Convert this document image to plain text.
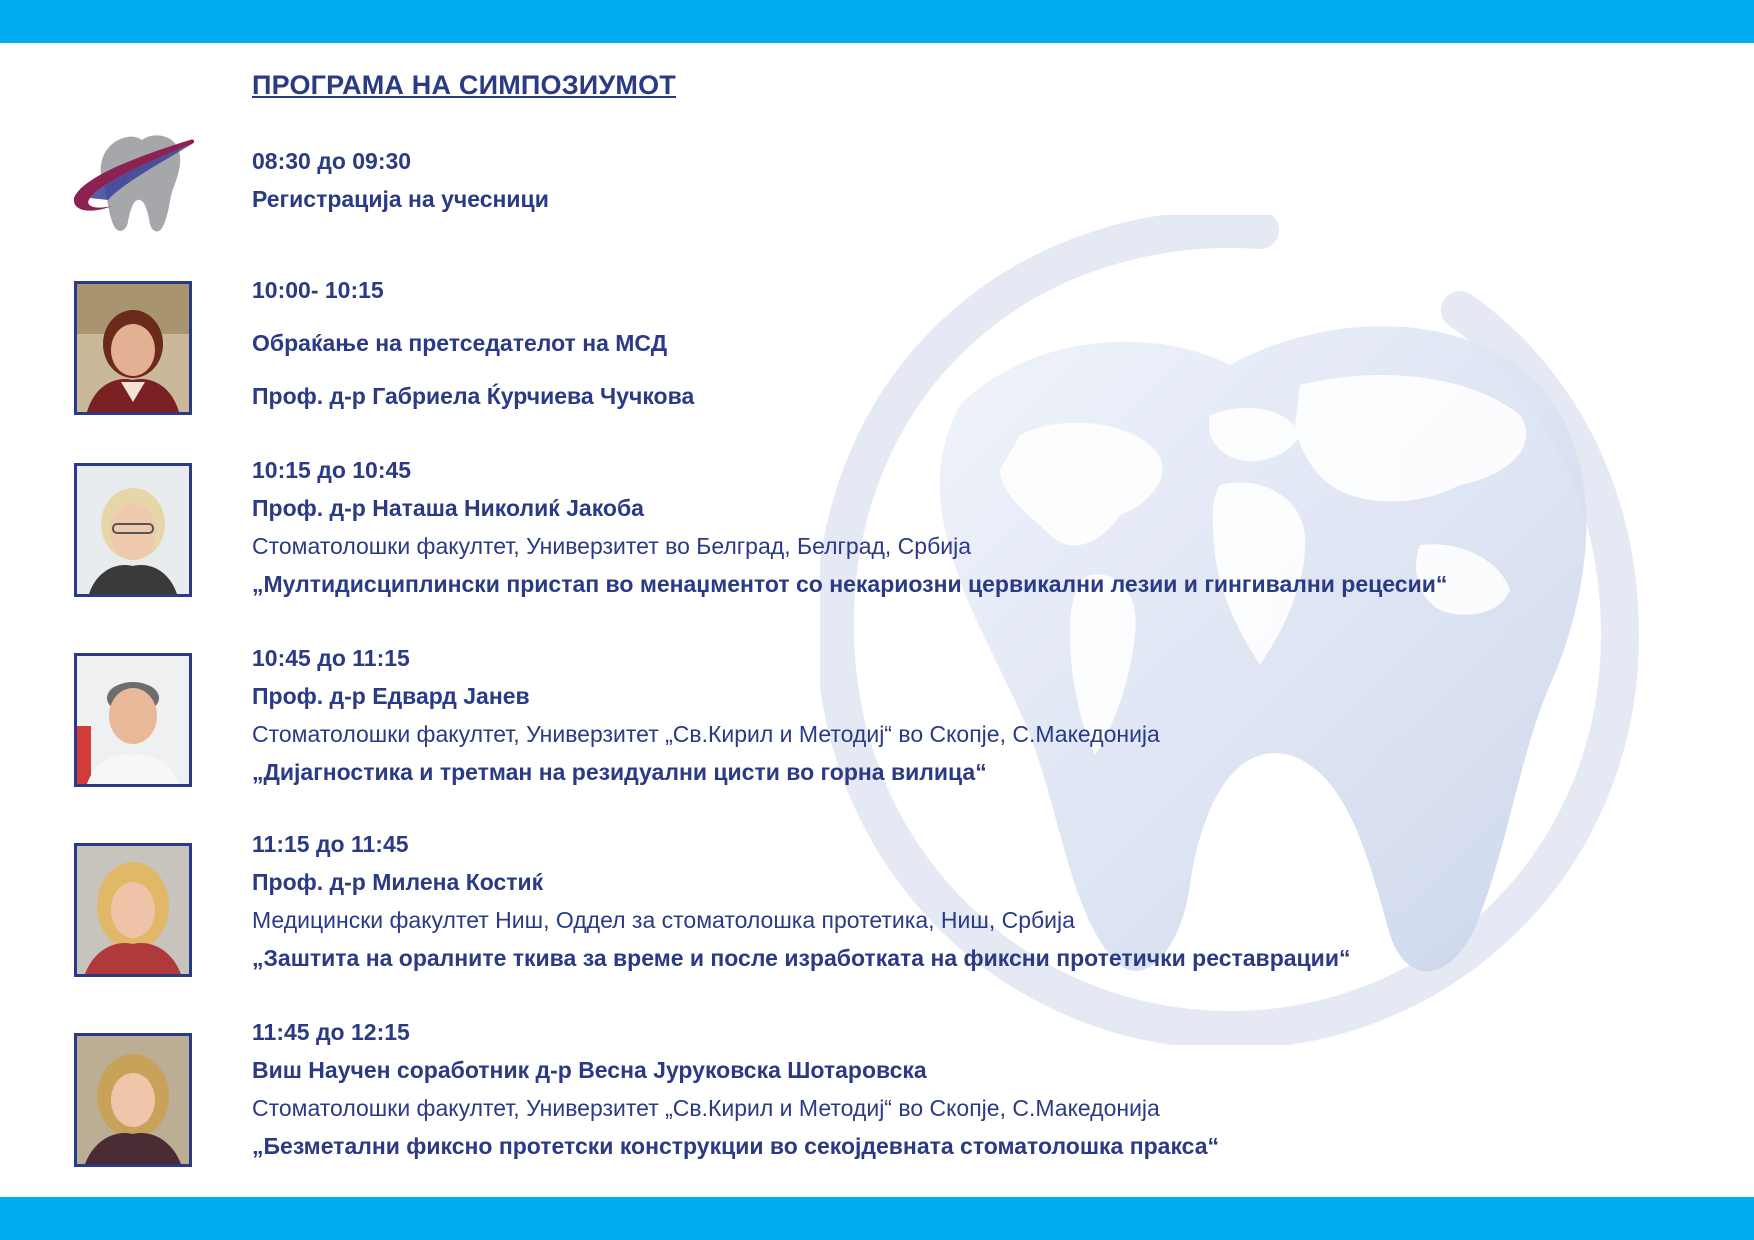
ПРОГРАМА НА СИМПОЗИУМОТ
08:30 до 09:30
Регистрација на учесници
10:00- 10:15
Обраќање на претседателот на МСД
Проф. д-р Габриела Ќурчиева Чучкова
10:15 до 10:45
Проф. д-р Наташа Николиќ Јакоба
Стоматолошки факултет, Универзитет во Белград, Белград, Србија
„Мултидисциплински пристап во менаџментот со некариозни цервикални лезии и гингивални рецесии“
10:45 до 11:15
Проф. д-р Едвард Јанев
Стоматолошки факултет, Универзитет „Св.Кирил и Методиј“ во Скопје, С.Македонија
„Дијагностика и третман на резидуални цисти во горна вилица“
11:15 до 11:45
Проф. д-р Милена Костиќ
Медицински факултет Ниш, Оддел за стоматолошка протетика, Ниш, Србија
„Заштита на оралните ткива за време и после изработката на фиксни протетички реставрации“
11:45 до 12:15
Виш Научен соработник д-р Весна Јуруковска Шотаровска
Стоматолошки факултет, Универзитет „Св.Кирил и Методиј“ во Скопје, С.Македонија
„Безметални фиксно протетски конструкции во секојдевната стоматолошка пракса“
